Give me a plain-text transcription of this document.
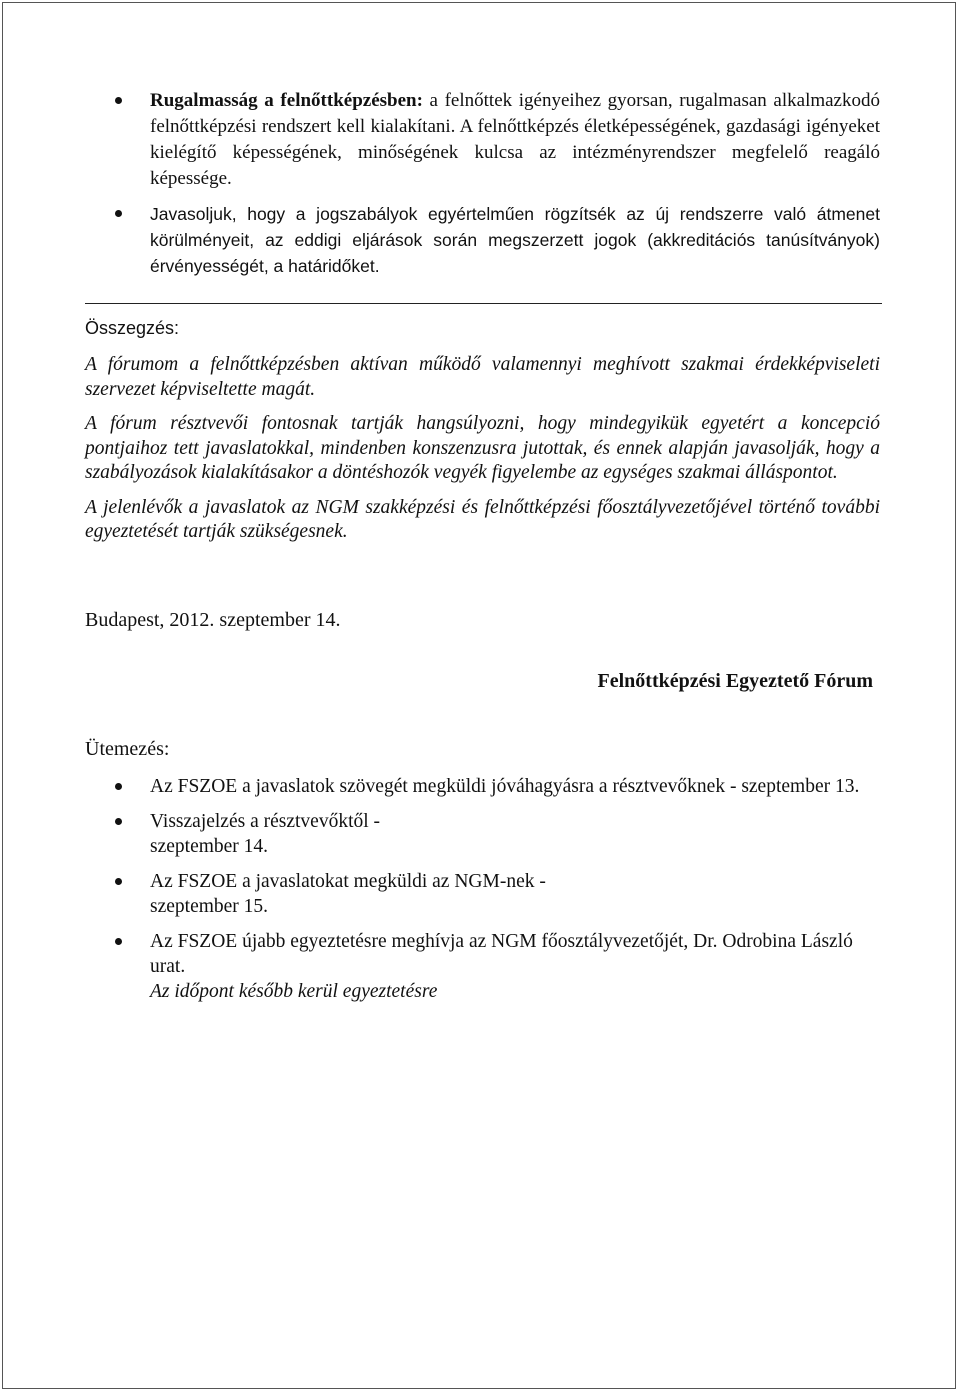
Rugalmasság a felnőttképzésben: a felnőttek igényeihez gyorsan, rugalmasan alkalmazkodó felnőttképzési rendszert kell kialakítani. A felnőttképzés életképességének, gazdasági igényeket kielégítő képességének, minőségének kulcsa az intézményrendszer megfelelő reagáló képessége.
Javasoljuk, hogy a jogszabályok egyértelműen rögzítsék az új rendszerre való átmenet körülményeit, az eddigi eljárások során megszerzett jogok (akkreditációs tanúsítványok) érvényességét, a határidőket.
Összegzés:

A fórumom a felnőttképzésben aktívan működő valamennyi meghívott szakmai érdekképviseleti szervezet képviseltette magát.

A fórum résztvevői fontosnak tartják hangsúlyozni, hogy mindegyikük egyetért a koncepció pontjaihoz tett javaslatokkal, mindenben konszenzusra jutottak, és ennek alapján javasolják, hogy a szabályozások kialakításakor a döntéshozók vegyék figyelembe az egységes szakmai álláspontot.

A jelenlévők a javaslatok az NGM szakképzési és felnőttképzési főosztályvezetőjével történő további egyeztetését tartják szükségesnek.

Budapest, 2012. szeptember 14.
Felnőttképzési Egyeztető Fórum
Ütemezés:
Az FSZOE a javaslatok szövegét megküldi jóváhagyásra a résztvevőknek - szeptember 13.
Visszajelzés a résztvevőktől - szeptember 14.
Az FSZOE a javaslatokat megküldi az NGM-nek - szeptember 15.
Az FSZOE újabb egyeztetésre meghívja az NGM főosztályvezetőjét, Dr. Odrobina László urat.
Az időpont később kerül egyeztetésre
